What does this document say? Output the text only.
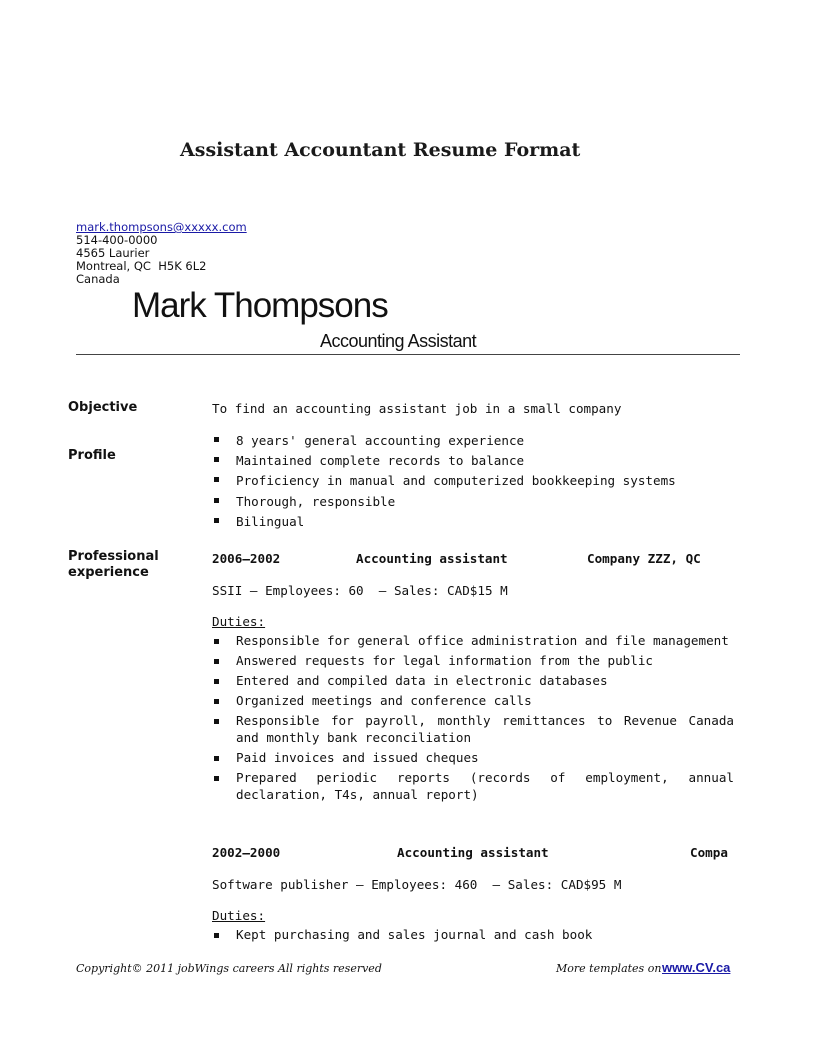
Assistant Accountant Resume Format
mark.thompsons@xxxxx.com
514-400-0000
4565 Laurier
Montreal, QC  H5K 6L2
Canada
Mark Thompsons
Accounting Assistant
Objective	To find an accounting assistant job in a small company
Profile
8 years' general accounting experience
Maintained complete records to balance
Proficiency in manual and computerized bookkeeping systems
Thorough, responsible
Bilingual
Professional experience
2006–2002	Accounting assistant	Company ZZZ, QC
SSII – Employees: 60  – Sales: CAD$15 M
Duties:
Responsible for general office administration and file management
Answered requests for legal information from the public
Entered and compiled data in electronic databases
Organized meetings and conference calls
Responsible for payroll, monthly remittances to Revenue Canada and monthly bank reconciliation
Paid invoices and issued cheques
Prepared periodic reports (records of employment, annual declaration, T4s, annual report)
2002–2000	Accounting assistant	Compa
Software publisher – Employees: 460  – Sales: CAD$95 M
Duties:
Kept purchasing and sales journal and cash book
Copyright© 2011 jobWings careers All rights reserved	More templates on www.CV.ca
